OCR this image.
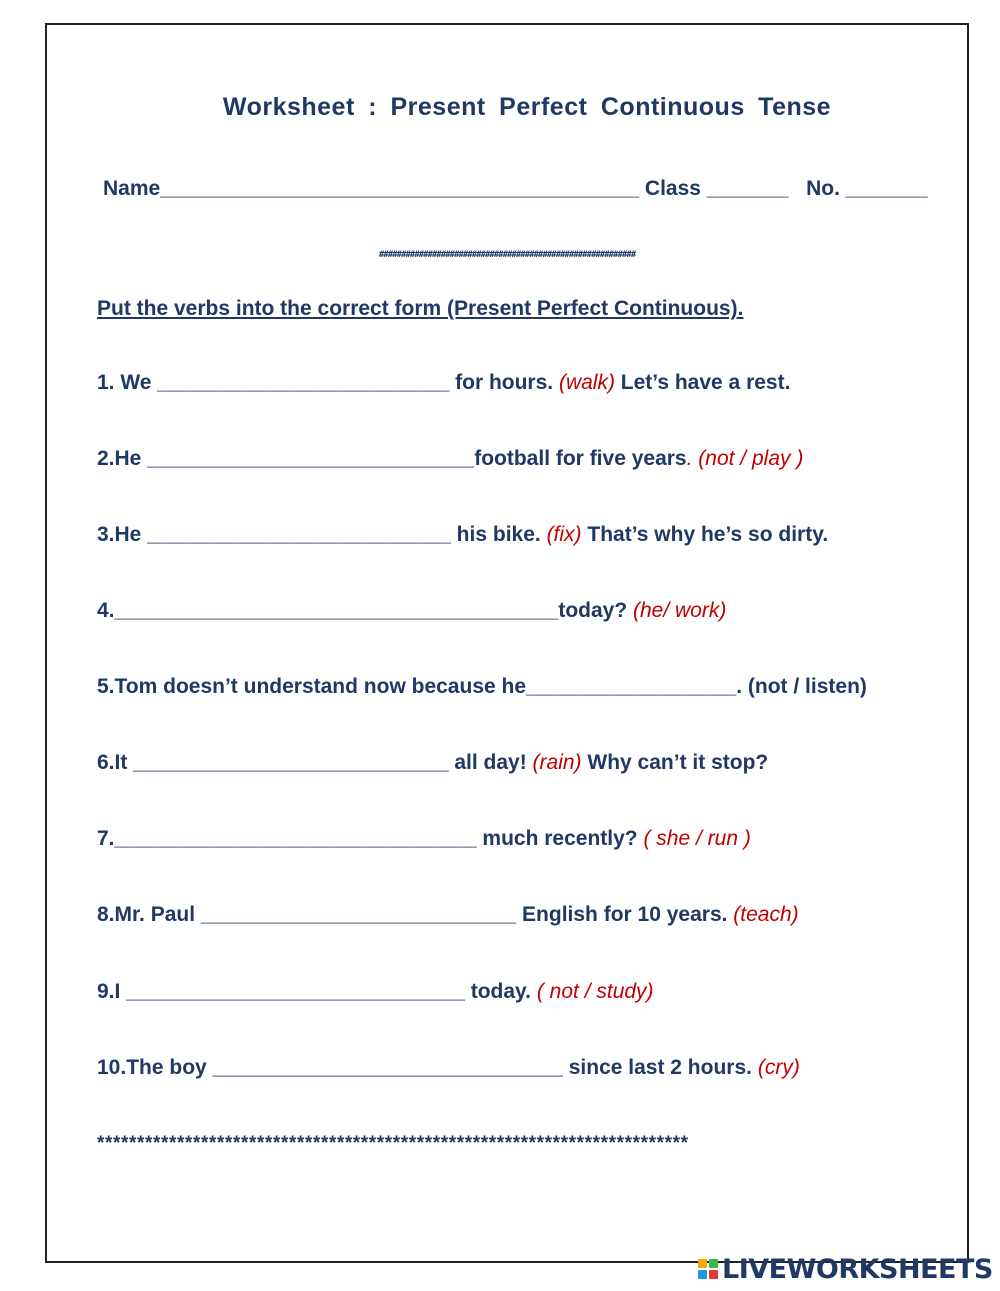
Worksheet : Present Perfect Continuous Tense
Name_________________________________________ Class _______ No. _______
##########################################################
Put the verbs into the correct form (Present Perfect Continuous).
1. We _________________________ for hours. (walk) Let’s have a rest.
2.He ____________________________football for five years. (not / play )
3.He __________________________ his bike. (fix) That’s why he’s so dirty.
4.______________________________________today? (he/ work)
5.Tom doesn’t understand now because he__________________. (not / listen)
6.It ___________________________ all day! (rain) Why can’t it stop?
7._______________________________ much recently? ( she / run )
8.Mr. Paul ___________________________ English for 10 years. (teach)
9.I _____________________________ today. ( not / study)
10.The boy ______________________________ since last 2 hours. (cry)
**************************************************************************
LIVEWORKSHEETS
